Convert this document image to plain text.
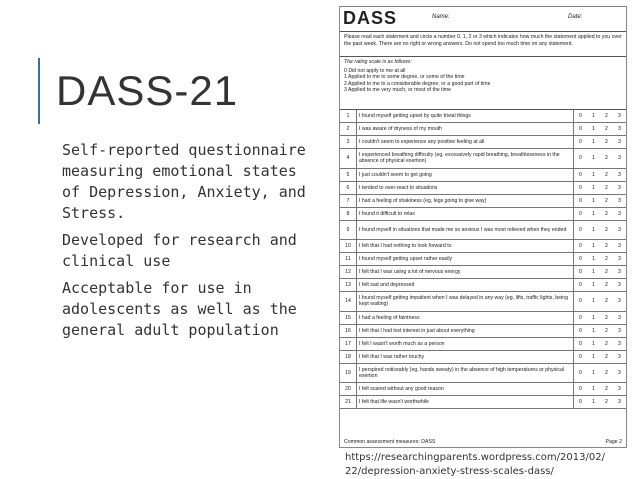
DASS-21

Self-reported questionnaire measuring emotional states of Depression, Anxiety, and Stress.

Developed for research and clinical use

Acceptable for use in adolescents as well as the general adult population

DASS	Name:	Date:
Please read each statement and circle a number 0, 1, 2 or 3 which indicates how much the statement applied to you over the past week. There are no right or wrong answers. Do not spend too much time on any statement.
The rating scale is as follows:
0 Did not apply to me at all
1 Applied to me to some degree, or some of the time
2 Applied to me to a considerable degree, or a good part of time
3 Applied to me very much, or most of the time
1	I found myself getting upset by quite trivial things	0	1	2	3
2	I was aware of dryness of my mouth	0	1	2	3
3	I couldn't seem to experience any positive feeling at all	0	1	2	3
4	I experienced breathing difficulty (eg, excessively rapid breathing, breathlessness in the absence of physical exertion)	0	1	2	3
5	I just couldn't seem to get going	0	1	2	3
6	I tended to over-react to situations	0	1	2	3
7	I had a feeling of shakiness (eg, legs going to give way)	0	1	2	3
8	I found it difficult to relax	0	1	2	3
9	I found myself in situations that made me so anxious I was most relieved when they ended	0	1	2	3
10	I felt that I had nothing to look forward to	0	1	2	3
11	I found myself getting upset rather easily	0	1	2	3
12	I felt that I was using a lot of nervous energy	0	1	2	3
13	I felt sad and depressed	0	1	2	3
14	I found myself getting impatient when I was delayed in any way (eg, lifts, traffic lights, being kept waiting)	0	1	2	3
15	I had a feeling of faintness	0	1	2	3
16	I felt that I had lost interest in just about everything	0	1	2	3
17	I felt I wasn't worth much as a person	0	1	2	3
18	I felt that I was rather touchy	0	1	2	3
19	I perspired noticeably (eg, hands sweaty) in the absence of high temperatures or physical exertion	0	1	2	3
20	I felt scared without any good reason	0	1	2	3
21	I felt that life wasn't worthwhile	0	1	2	3
Common assessment measures: DASS	Page 2
https://researchingparents.wordpress.com/2013/02/
22/depression-anxiety-stress-scales-dass/
